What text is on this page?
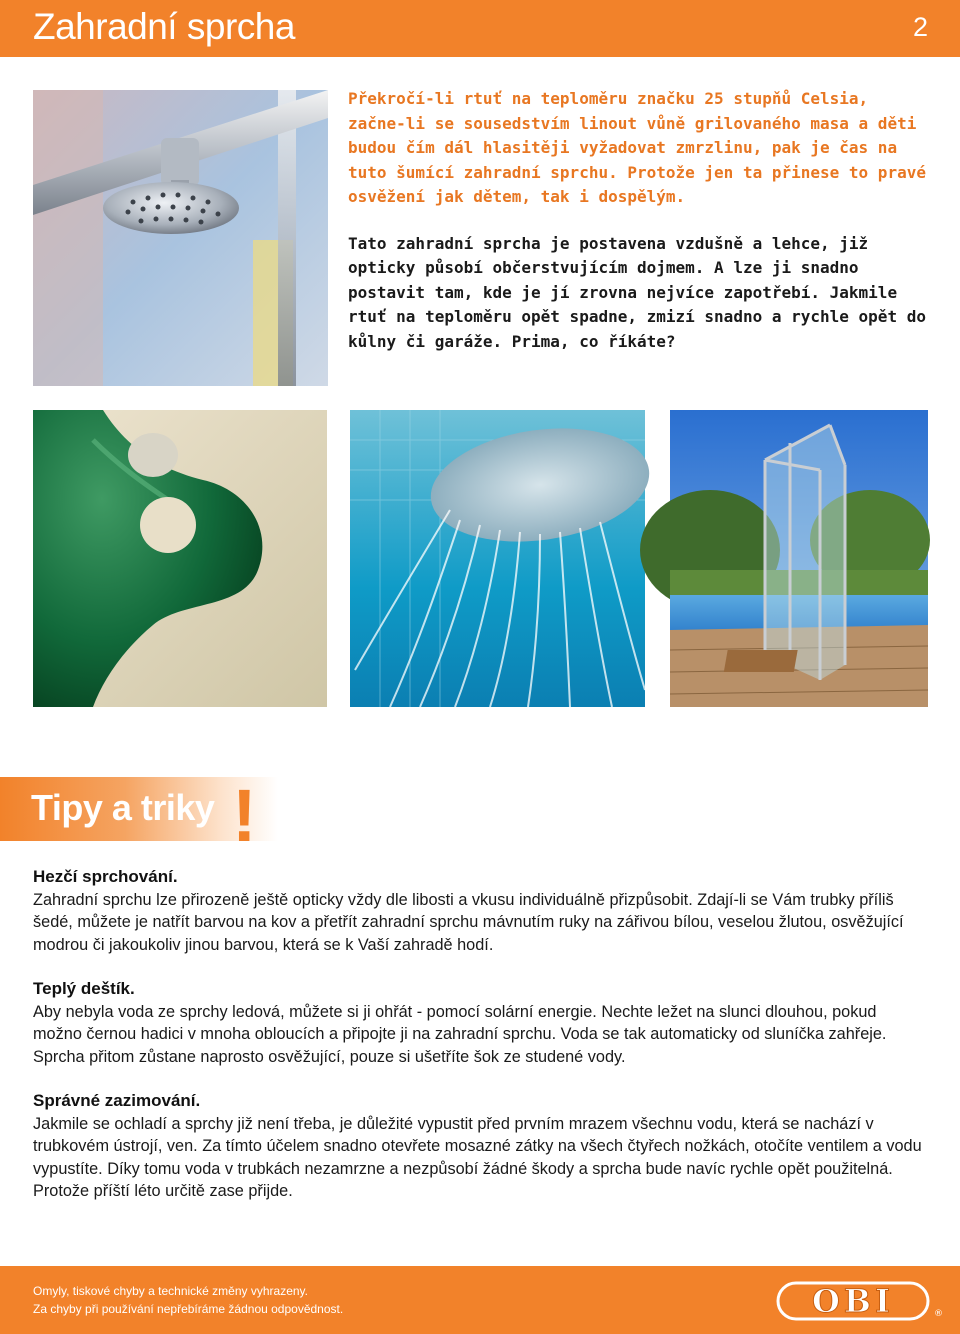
Zahradní sprcha	2

Překročí-li rtuť na teploměru značku 25 stupňů Celsia, začne-li se sousedstvím linout vůně grilovaného masa a děti budou čím dál hlasitěji vyžadovat zmrzlinu, pak je čas na tuto šumící zahradní sprchu. Protože jen ta přinese to pravé osvěžení jak dětem, tak i dospělým.

Tato zahradní sprcha je postavena vzdušně a lehce, již opticky působí občerstvujícím dojmem. A lze ji snadno postavit tam, kde je jí zrovna nejvíce zapotřebí. Jakmile rtuť na teploměru opět spadne, zmizí snadno a rychle opět do kůlny či garáže. Prima, co říkáte?

Tipy a triky !
Hezčí sprchování.

Zahradní sprchu lze přirozeně ještě opticky vždy dle libosti a vkusu individuálně přizpůsobit. Zdají-li se Vám trubky příliš šedé, můžete je natřít barvou na kov a přetřít zahradní sprchu mávnutím ruky na zářivou bílou, veselou žlutou, osvěžující modrou či jakoukoliv jinou barvou, která se k Vaší zahradě hodí.

Teplý deštík.

Aby nebyla voda ze sprchy ledová, můžete si ji ohřát - pomocí solární energie. Nechte ležet na slunci dlouhou, pokud možno černou hadici v mnoha obloucích a připojte ji na zahradní sprchu. Voda se tak automaticky od sluníčka zahřeje. Sprcha přitom zůstane naprosto osvěžující, pouze si ušetříte šok ze studené vody.

Správné zazimování.

Jakmile se ochladí a sprchy již není třeba, je důležité vypustit před prvním mrazem všechnu vodu, která se nachází v trubkovém ústrojí, ven. Za tímto účelem snadno otevřete mosazné zátky na všech čtyřech nožkách, otočíte ventilem a vodu vypustíte. Díky tomu voda v trubkách nezamrzne a nezpůsobí žádné škody a sprcha bude navíc rychle opět použitelná. Protože příští léto určitě zase přijde.

Omyly, tiskové chyby a technické změny vyhrazeny.
Za chyby při používání nepřebíráme žádnou odpovědnost.	OBI	®
